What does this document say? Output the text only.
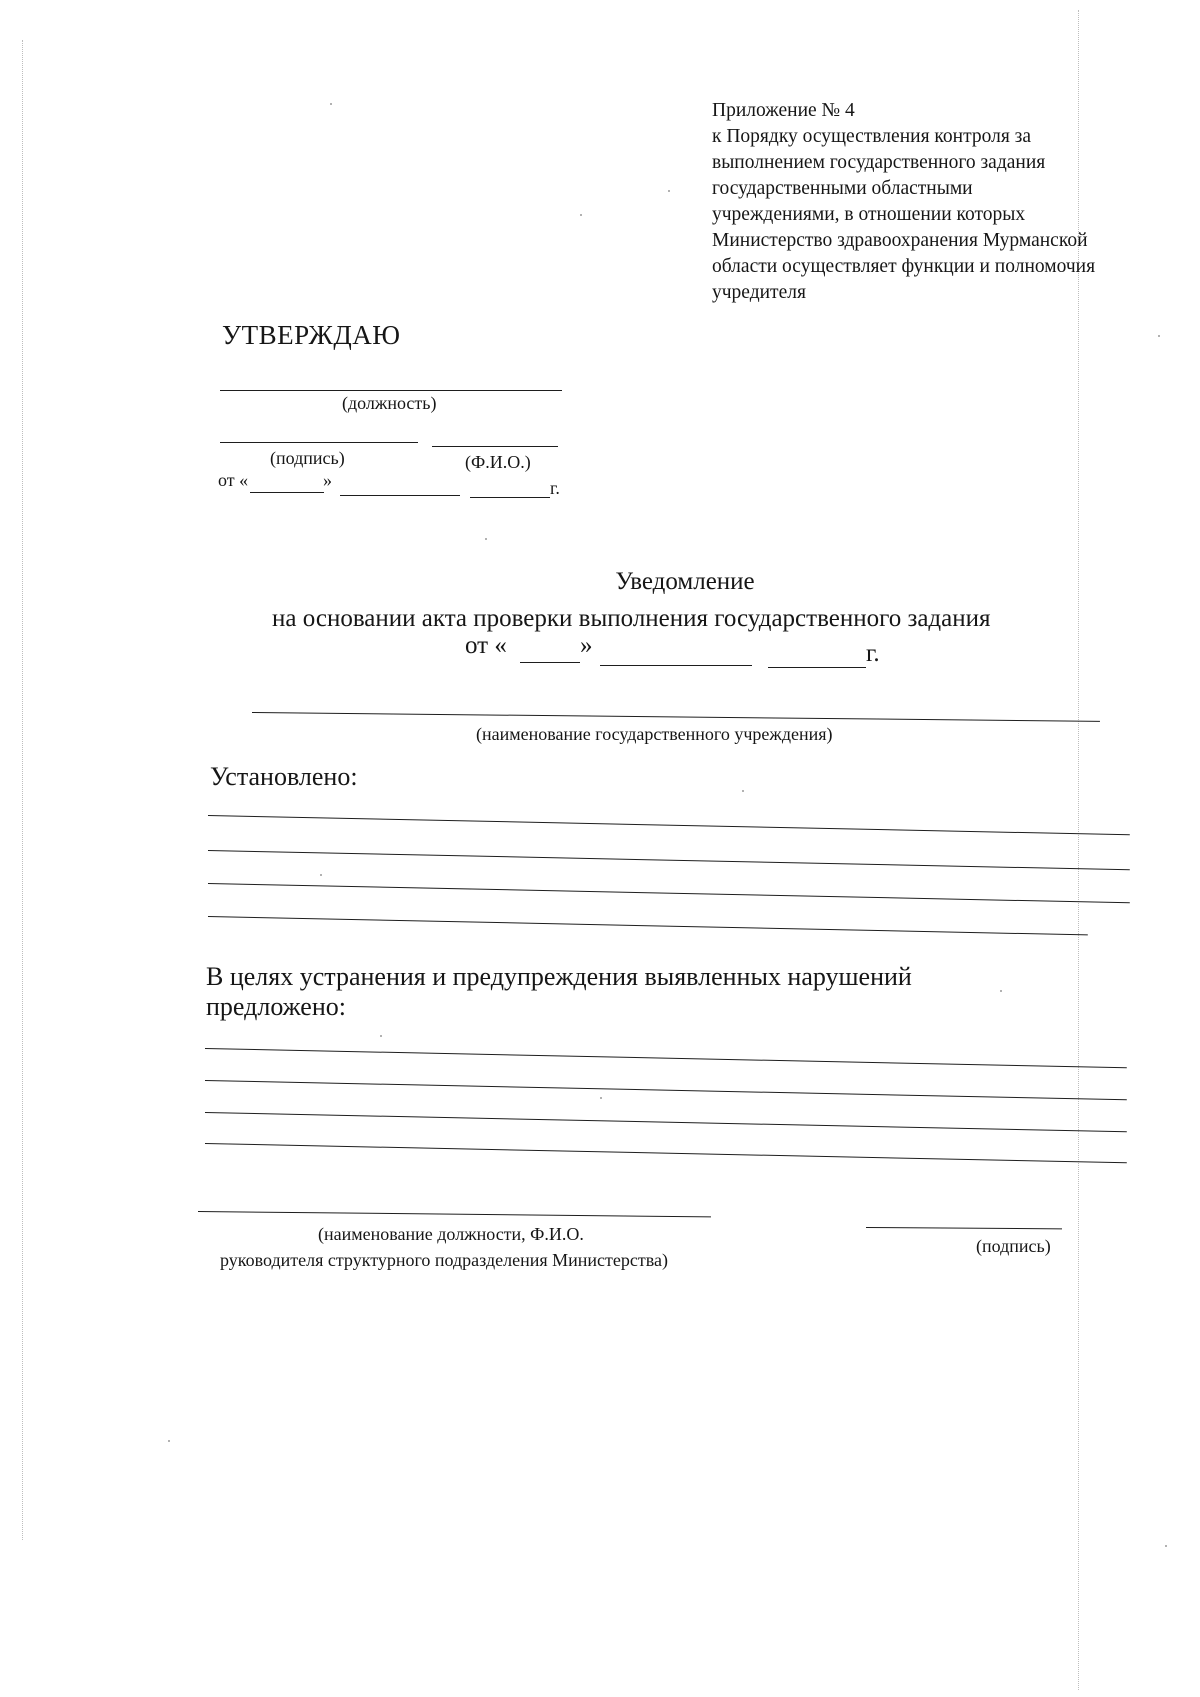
Приложение № 4
к Порядку осуществления контроля за
выполнением государственного задания
государственными областными
учреждениями, в отношении которых
Министерство здравоохранения Мурманской
области осуществляет функции и полномочия
учредителя
УТВЕРЖДАЮ
(должность)
(подпись)	(Ф.И.О.)
от «	»	г.
Уведомление
на основании акта проверки выполнения государственного задания
от «	»	г.
(наименование государственного учреждения)
Установлено:
В целях устранения и предупреждения выявленных нарушений
предложено:
(наименование должности, Ф.И.О.
руководителя структурного подразделения Министерства)
(подпись)
